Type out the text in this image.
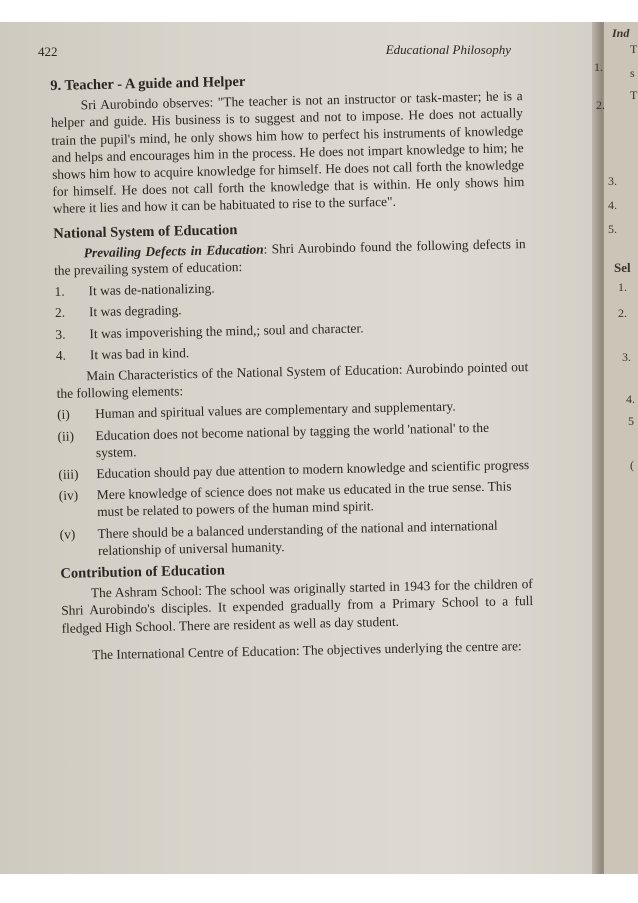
Ind
T
1. s
2.
T
3.
4.
5.
Sel
1.
2.
3.
4.
5
(
422	Educational Philosophy
9. Teacher - A guide and Helper

Sri Aurobindo observes: "The teacher is not an instructor or task-master; he is a helper and guide. His business is to suggest and not to impose. He does not actually train the pupil's mind, he only shows him how to perfect his instruments of knowledge and helps and encourages him in the process. He does not impart knowledge to him; he shows him how to acquire knowledge for himself. He does not call forth the knowledge for himself. He does not call forth the knowledge that is within. He only shows him where it lies and how it can be habituated to rise to the surface".

National System of Education

Prevailing Defects in Education: Shri Aurobindo found the following defects in the prevailing system of education:

1.	It was de-nationalizing.
2.	It was degrading.
3.	It was impoverishing the mind,; soul and character.
4.	It was bad in kind.

Main Characteristics of the National System of Education: Aurobindo pointed out the following elements:

(i)	Human and spiritual values are complementary and supplementary.
(ii)	Education does not become national by tagging the world 'national' to the system.
(iii)	Education should pay due attention to modern knowledge and scientific progress
(iv)	Mere knowledge of science does not make us educated in the true sense. This must be related to powers of the human mind spirit.
(v)	There should be a balanced understanding of the national and international relationship of universal humanity.
Contribution of Education

The Ashram School: The school was originally started in 1943 for the children of Shri Aurobindo's disciples. It expended gradually from a Primary School to a full fledged High School. There are resident as well as day student.

The International Centre of Education: The objectives underlying the centre are:
